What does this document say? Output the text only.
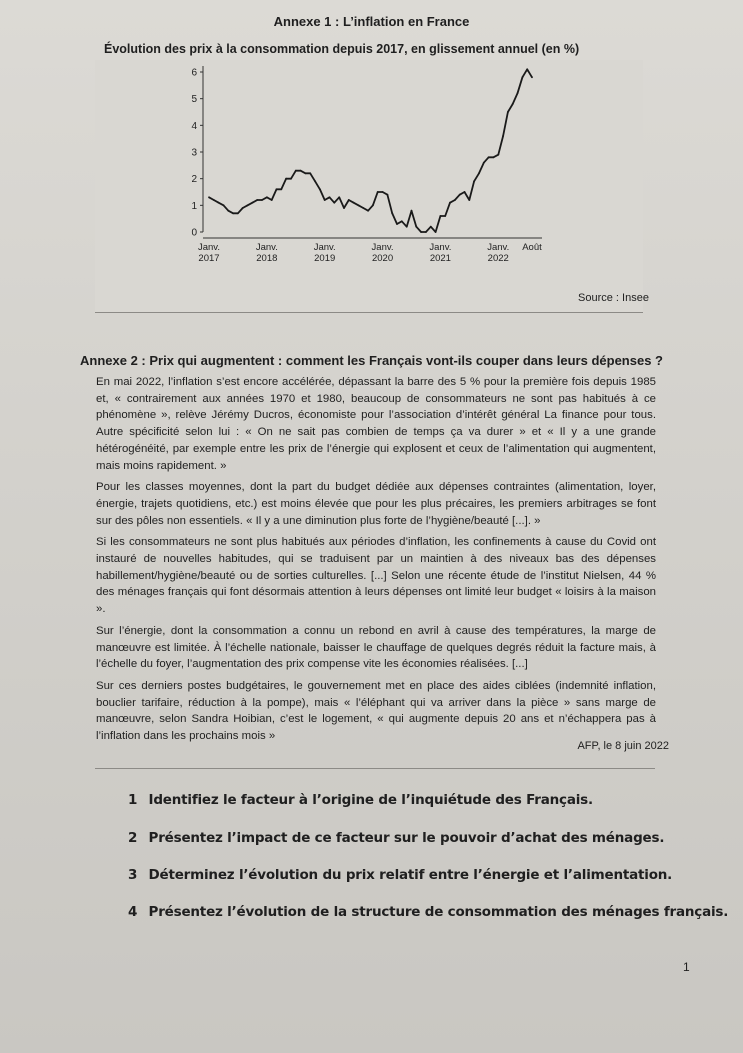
Annexe 1 : L’inflation en France
Évolution des prix à la consommation depuis 2017, en glissement annuel (en %)
0
1
2
3
4
5
6
Janv. 2017
Janv. 2018
Janv. 2019
Janv. 2020
Janv. 2021
Janv. 2022
Août
Source : Insee
Annexe 2 : Prix qui augmentent : comment les Français vont-ils couper dans leurs dépenses ?

En mai 2022, l’inflation s’est encore accélérée, dépassant la barre des 5 % pour la première fois depuis 1985 et, « contrairement aux années 1970 et 1980, beaucoup de consommateurs ne sont pas habitués à ce phénomène », relève Jérémy Ducros, économiste pour l’association d’intérêt général La finance pour tous. Autre spécificité selon lui : « On ne sait pas combien de temps ça va durer » et « Il y a une grande hétérogénéité, par exemple entre les prix de l’énergie qui explosent et ceux de l’alimentation qui augmentent, mais moins rapidement. »

Pour les classes moyennes, dont la part du budget dédiée aux dépenses contraintes (alimentation, loyer, énergie, trajets quotidiens, etc.) est moins élevée que pour les plus précaires, les premiers arbitrages se font sur des pôles non essentiels. « Il y a une diminution plus forte de l’hygiène/beauté [...]. »

Si les consommateurs ne sont plus habitués aux périodes d’inflation, les confinements à cause du Covid ont instauré de nouvelles habitudes, qui se traduisent par un maintien à des niveaux bas des dépenses habillement/hygiène/beauté ou de sorties culturelles. [...] Selon une récente étude de l’institut Nielsen, 44 % des ménages français qui font désormais attention à leurs dépenses ont limité leur budget « loisirs à la maison ».

Sur l’énergie, dont la consommation a connu un rebond en avril à cause des températures, la marge de manœuvre est limitée. À l’échelle nationale, baisser le chauffage de quelques degrés réduit la facture mais, à l’échelle du foyer, l’augmentation des prix compense vite les économies réalisées. [...]

Sur ces derniers postes budgétaires, le gouvernement met en place des aides ciblées (indemnité inflation, bouclier tarifaire, réduction à la pompe), mais « l’éléphant qui va arriver dans la pièce » sans marge de manœuvre, selon Sandra Hoibian, c’est le logement, « qui augmente depuis 20 ans et n’échappera pas à l’inflation dans les prochains mois »

AFP, le 8 juin 2022
1 Identifiez le facteur à l’origine de l’inquiétude des Français.
2 Présentez l’impact de ce facteur sur le pouvoir d’achat des ménages.
3 Déterminez l’évolution du prix relatif entre l’énergie et l’alimentation.
4 Présentez l’évolution de la structure de consommation des ménages français.
1
